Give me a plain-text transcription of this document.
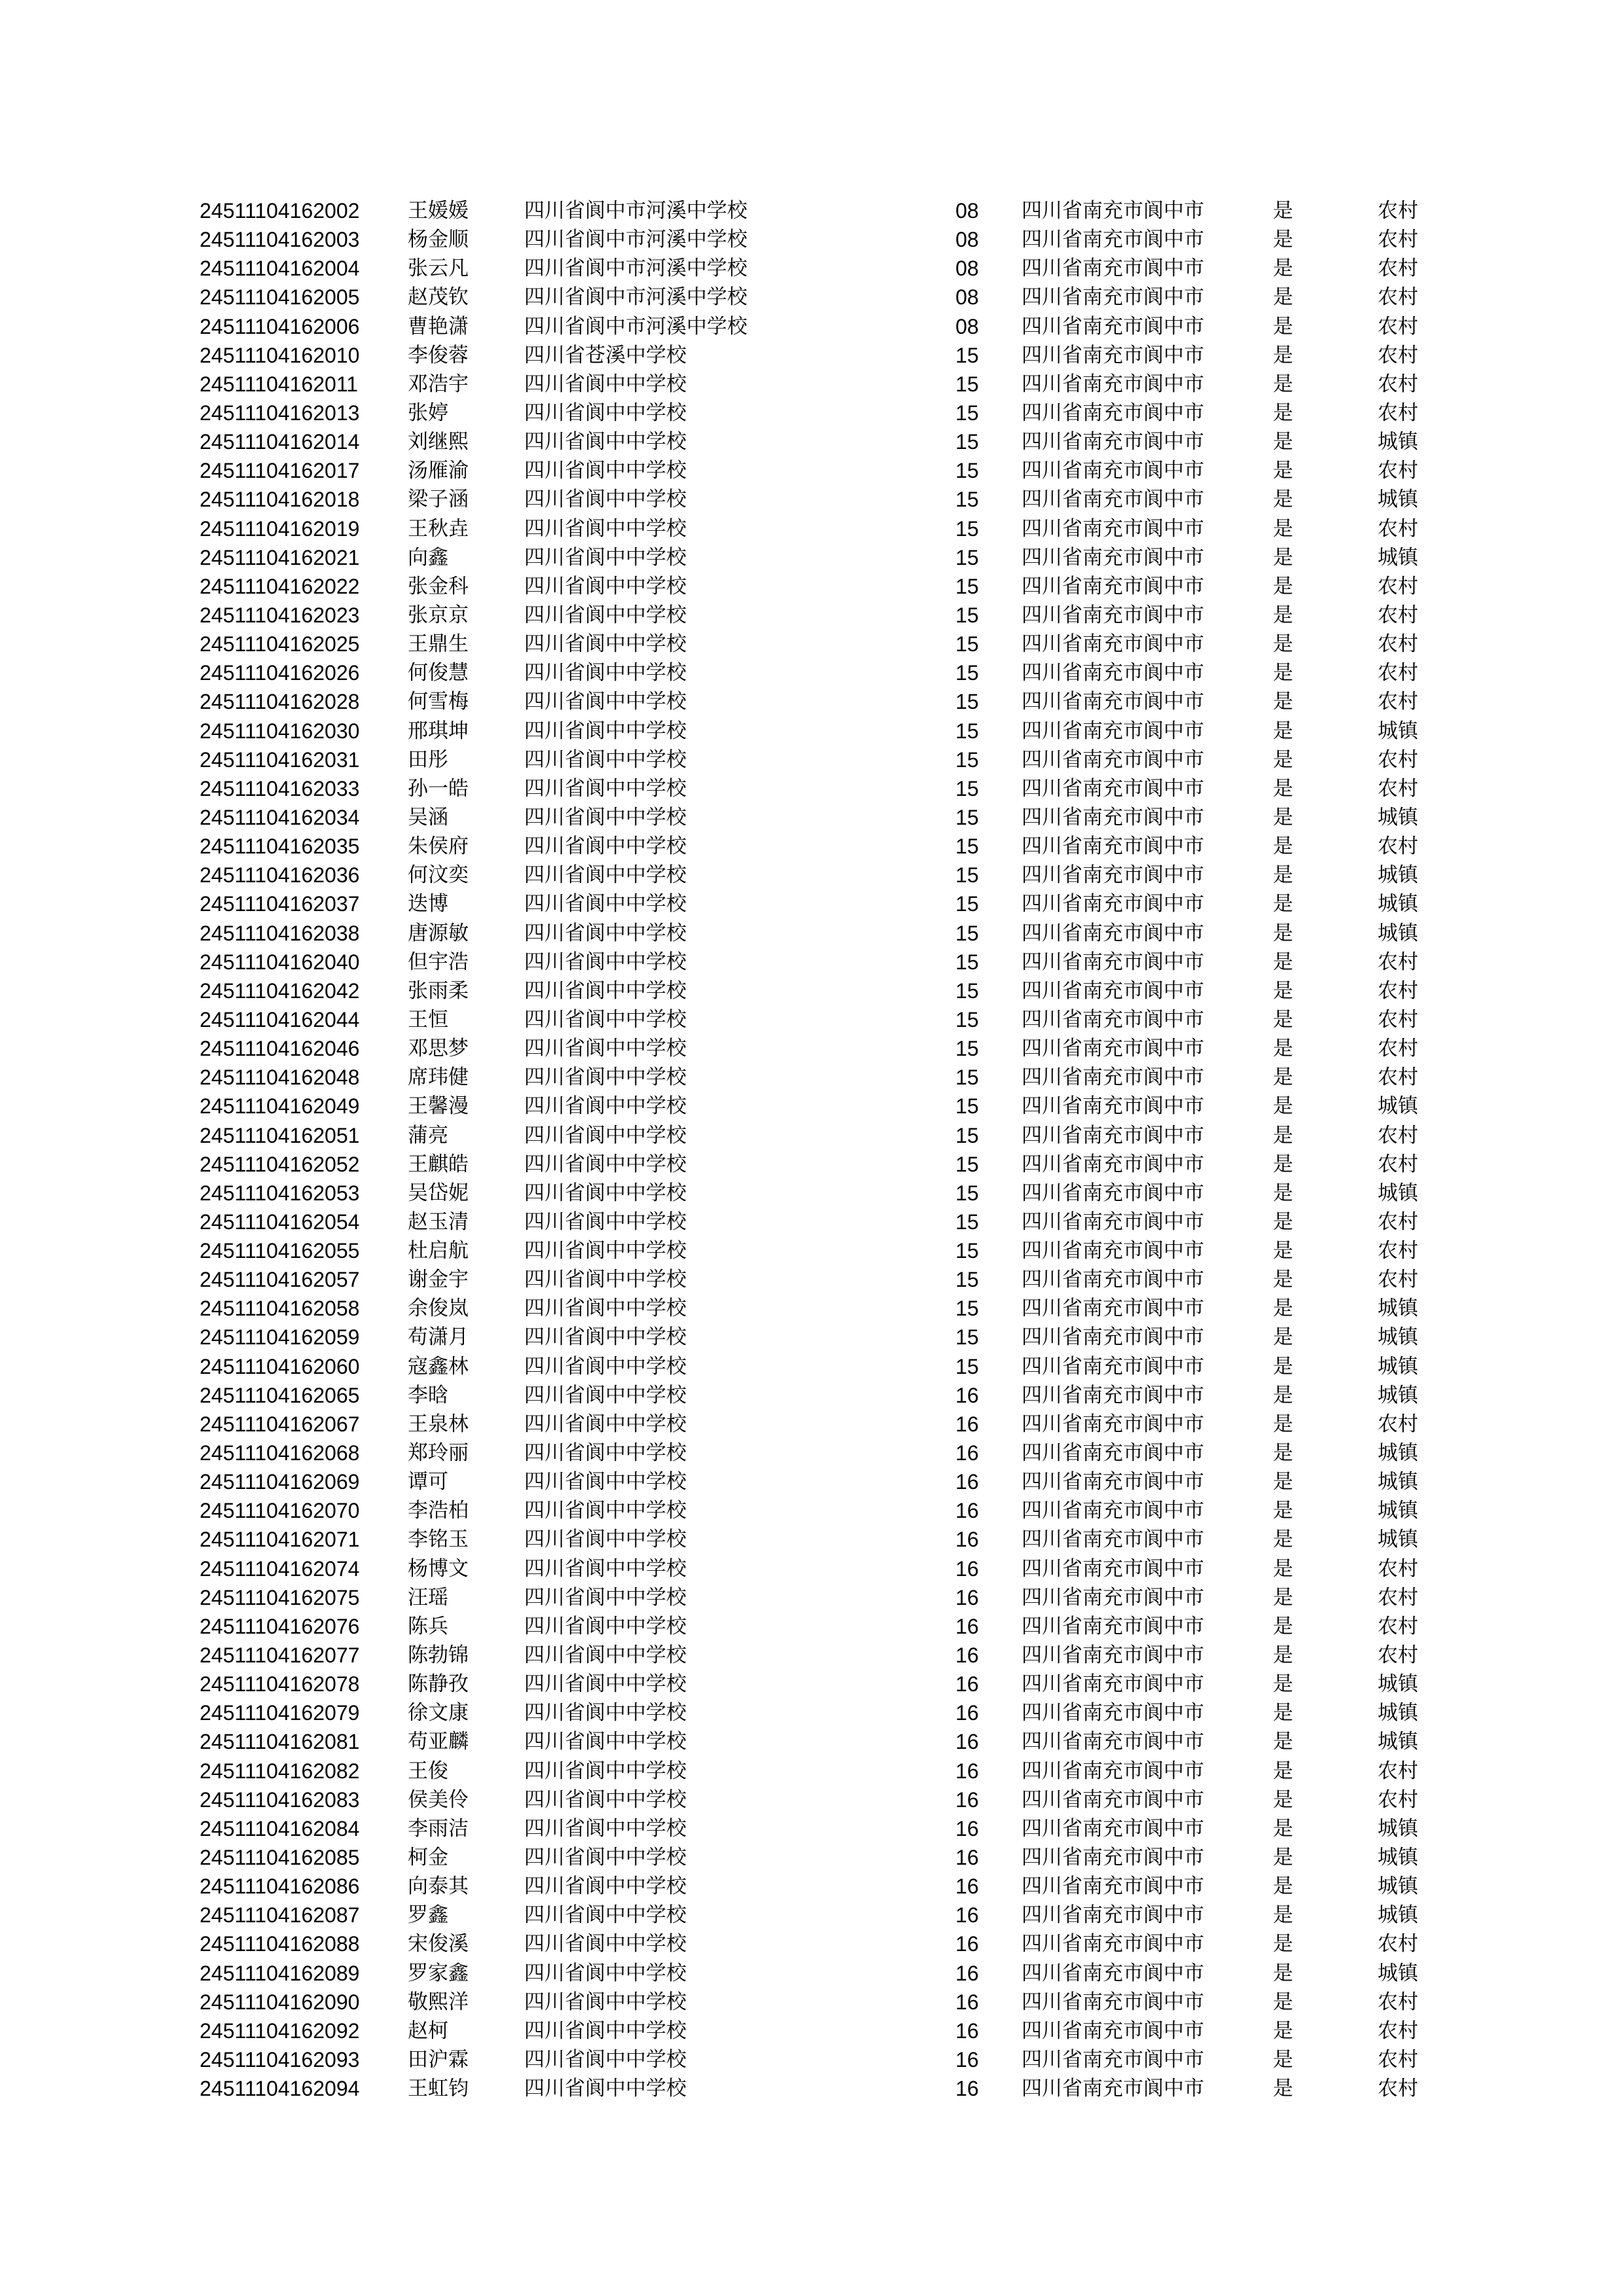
24511104162002 王媛媛	四川省阆中市河溪中学校	08 四川省南充市阆中市	是	农村
24511104162003 杨金顺	四川省阆中市河溪中学校	08 四川省南充市阆中市	是	农村
24511104162004 张云凡	四川省阆中市河溪中学校	08 四川省南充市阆中市	是	农村
24511104162005 赵茂钦	四川省阆中市河溪中学校	08 四川省南充市阆中市	是	农村
24511104162006 曹艳潇	四川省阆中市河溪中学校	08 四川省南充市阆中市	是	农村
24511104162010 李俊蓉	四川省苍溪中学校	15 四川省南充市阆中市	是	农村
24511104162011 邓浩宇	四川省阆中中学校	15 四川省南充市阆中市	是	农村
24511104162013 张婷	四川省阆中中学校	15 四川省南充市阆中市	是	农村
24511104162014 刘继熙	四川省阆中中学校	15 四川省南充市阆中市	是	城镇
24511104162017 汤雁渝	四川省阆中中学校	15 四川省南充市阆中市	是	农村
24511104162018 梁子涵	四川省阆中中学校	15 四川省南充市阆中市	是	城镇
24511104162019 王秋垚	四川省阆中中学校	15 四川省南充市阆中市	是	农村
24511104162021 向鑫	四川省阆中中学校	15 四川省南充市阆中市	是	城镇
24511104162022 张金科	四川省阆中中学校	15 四川省南充市阆中市	是	农村
24511104162023 张京京	四川省阆中中学校	15 四川省南充市阆中市	是	农村
24511104162025 王鼎生	四川省阆中中学校	15 四川省南充市阆中市	是	农村
24511104162026 何俊慧	四川省阆中中学校	15 四川省南充市阆中市	是	农村
24511104162028 何雪梅	四川省阆中中学校	15 四川省南充市阆中市	是	农村
24511104162030 邢琪坤	四川省阆中中学校	15 四川省南充市阆中市	是	城镇
24511104162031 田彤	四川省阆中中学校	15 四川省南充市阆中市	是	农村
24511104162033 孙一皓	四川省阆中中学校	15 四川省南充市阆中市	是	农村
24511104162034 吴涵	四川省阆中中学校	15 四川省南充市阆中市	是	城镇
24511104162035 朱侯府	四川省阆中中学校	15 四川省南充市阆中市	是	农村
24511104162036 何汶奕	四川省阆中中学校	15 四川省南充市阆中市	是	城镇
24511104162037 迭博	四川省阆中中学校	15 四川省南充市阆中市	是	城镇
24511104162038 唐源敏	四川省阆中中学校	15 四川省南充市阆中市	是	城镇
24511104162040 但宇浩	四川省阆中中学校	15 四川省南充市阆中市	是	农村
24511104162042 张雨柔	四川省阆中中学校	15 四川省南充市阆中市	是	农村
24511104162044 王恒	四川省阆中中学校	15 四川省南充市阆中市	是	农村
24511104162046 邓思梦	四川省阆中中学校	15 四川省南充市阆中市	是	农村
24511104162048 席玮健	四川省阆中中学校	15 四川省南充市阆中市	是	农村
24511104162049 王馨漫	四川省阆中中学校	15 四川省南充市阆中市	是	城镇
24511104162051 蒲亮	四川省阆中中学校	15 四川省南充市阆中市	是	农村
24511104162052 王麒皓	四川省阆中中学校	15 四川省南充市阆中市	是	农村
24511104162053 吴岱妮	四川省阆中中学校	15 四川省南充市阆中市	是	城镇
24511104162054 赵玉清	四川省阆中中学校	15 四川省南充市阆中市	是	农村
24511104162055 杜启航	四川省阆中中学校	15 四川省南充市阆中市	是	农村
24511104162057 谢金宇	四川省阆中中学校	15 四川省南充市阆中市	是	农村
24511104162058 余俊岚	四川省阆中中学校	15 四川省南充市阆中市	是	城镇
24511104162059 苟潇月	四川省阆中中学校	15 四川省南充市阆中市	是	城镇
24511104162060 寇鑫林	四川省阆中中学校	15 四川省南充市阆中市	是	城镇
24511104162065 李晗	四川省阆中中学校	16 四川省南充市阆中市	是	城镇
24511104162067 王泉林	四川省阆中中学校	16 四川省南充市阆中市	是	农村
24511104162068 郑玲丽	四川省阆中中学校	16 四川省南充市阆中市	是	城镇
24511104162069 谭可	四川省阆中中学校	16 四川省南充市阆中市	是	城镇
24511104162070 李浩柏	四川省阆中中学校	16 四川省南充市阆中市	是	城镇
24511104162071 李铭玉	四川省阆中中学校	16 四川省南充市阆中市	是	城镇
24511104162074 杨博文	四川省阆中中学校	16 四川省南充市阆中市	是	农村
24511104162075 汪瑶	四川省阆中中学校	16 四川省南充市阆中市	是	农村
24511104162076 陈兵	四川省阆中中学校	16 四川省南充市阆中市	是	农村
24511104162077 陈勃锦	四川省阆中中学校	16 四川省南充市阆中市	是	农村
24511104162078 陈静孜	四川省阆中中学校	16 四川省南充市阆中市	是	城镇
24511104162079 徐文康	四川省阆中中学校	16 四川省南充市阆中市	是	城镇
24511104162081 苟亚麟	四川省阆中中学校	16 四川省南充市阆中市	是	城镇
24511104162082 王俊	四川省阆中中学校	16 四川省南充市阆中市	是	农村
24511104162083 侯美伶	四川省阆中中学校	16 四川省南充市阆中市	是	农村
24511104162084 李雨洁	四川省阆中中学校	16 四川省南充市阆中市	是	城镇
24511104162085 柯金	四川省阆中中学校	16 四川省南充市阆中市	是	城镇
24511104162086 向泰其	四川省阆中中学校	16 四川省南充市阆中市	是	城镇
24511104162087 罗鑫	四川省阆中中学校	16 四川省南充市阆中市	是	城镇
24511104162088 宋俊溪	四川省阆中中学校	16 四川省南充市阆中市	是	农村
24511104162089 罗家鑫	四川省阆中中学校	16 四川省南充市阆中市	是	城镇
24511104162090 敬熙洋	四川省阆中中学校	16 四川省南充市阆中市	是	农村
24511104162092 赵柯	四川省阆中中学校	16 四川省南充市阆中市	是	农村
24511104162093 田沪霖	四川省阆中中学校	16 四川省南充市阆中市	是	农村
24511104162094 王虹钧	四川省阆中中学校	16 四川省南充市阆中市	是	农村
